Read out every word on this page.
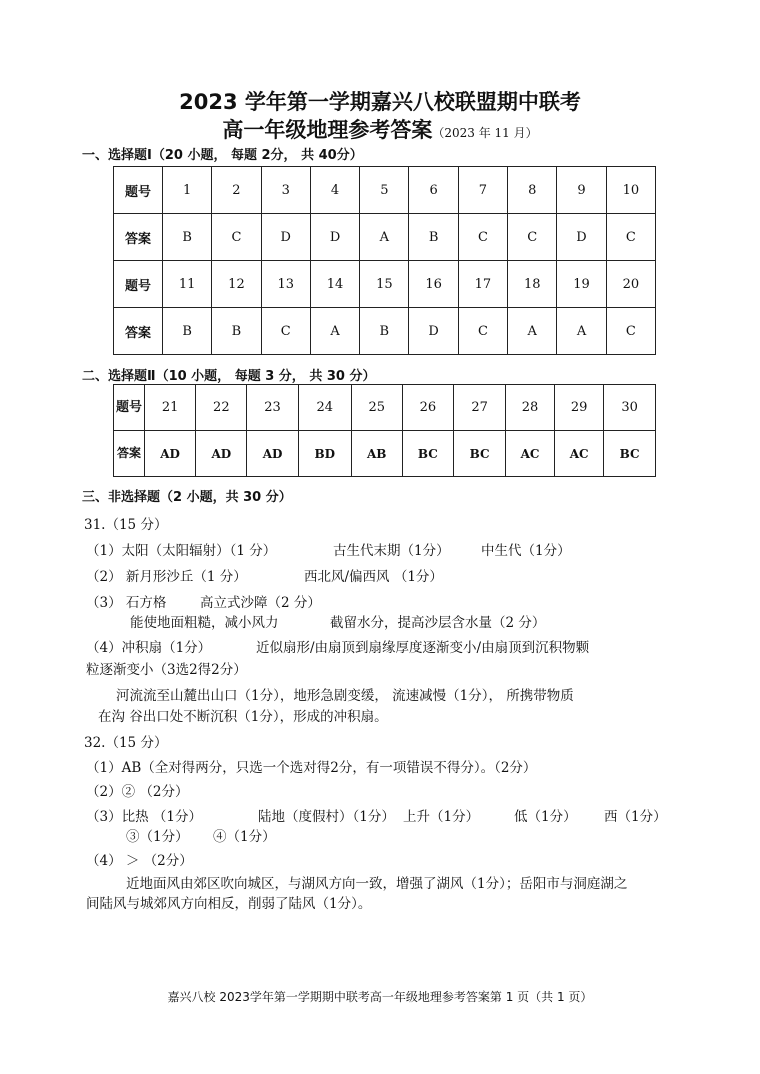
2023 学年第一学期嘉兴八校联盟期中联考
高一年级地理参考答案（2023 年 11 月）
一、选择题Ⅰ（20 小题， 每题 2分， 共 40分）
题号	1	2	3	4	5	6	7	8	9	10
答案	B	C	D	D	A	B	C	C	D	C
题号	11	12	13	14	15	16	17	18	19	20
答案	B	B	C	A	B	D	C	A	A	C
二、选择题Ⅱ（10 小题， 每题 3 分， 共 30 分）
题号	21	22	23	24	25	26	27	28	29	30
答案	AD	AD	AD	BD	AB	BC	BC	AC	AC	BC
三、非选择题（2 小题，共 30 分）
31.（15 分）
（1）太阳（太阳辐射）（1 分）	古生代末期（1分） 中生代（1分）
（2） 新月形沙丘（1 分）	西北风/偏西风 （1分）
（3） 石方格 高立式沙障（2 分）
能使地面粗糙，减小风力	截留水分，提高沙层含水量（2 分）
（4）冲积扇（1分）	近似扇形/由扇顶到扇缘厚度逐渐变小/由扇顶到沉积物颗
粒逐渐变小（3选2得2分）
河流流至山麓出山口（1分），地形急剧变缓， 流速减慢（1分）， 所携带物质
在沟 谷出口处不断沉积（1分），形成的冲积扇。
32.（15 分）
（1）AB（全对得两分，只选一个选对得2分，有一项错误不得分）。（2分）
（2）② （2分）
（3）比热 （1分）	陆地（度假村）（1分） 上升（1分）	低（1分） 西（1分）
③（1分） ④（1分）
（4） ＞ （2分）
近地面风由郊区吹向城区，与湖风方向一致，增强了湖风（1分）；岳阳市与洞庭湖之
间陆风与城郊风方向相反，削弱了陆风（1分）。
嘉兴八校 2023学年第一学期期中联考高一年级地理参考答案第 1 页（共 1 页）
